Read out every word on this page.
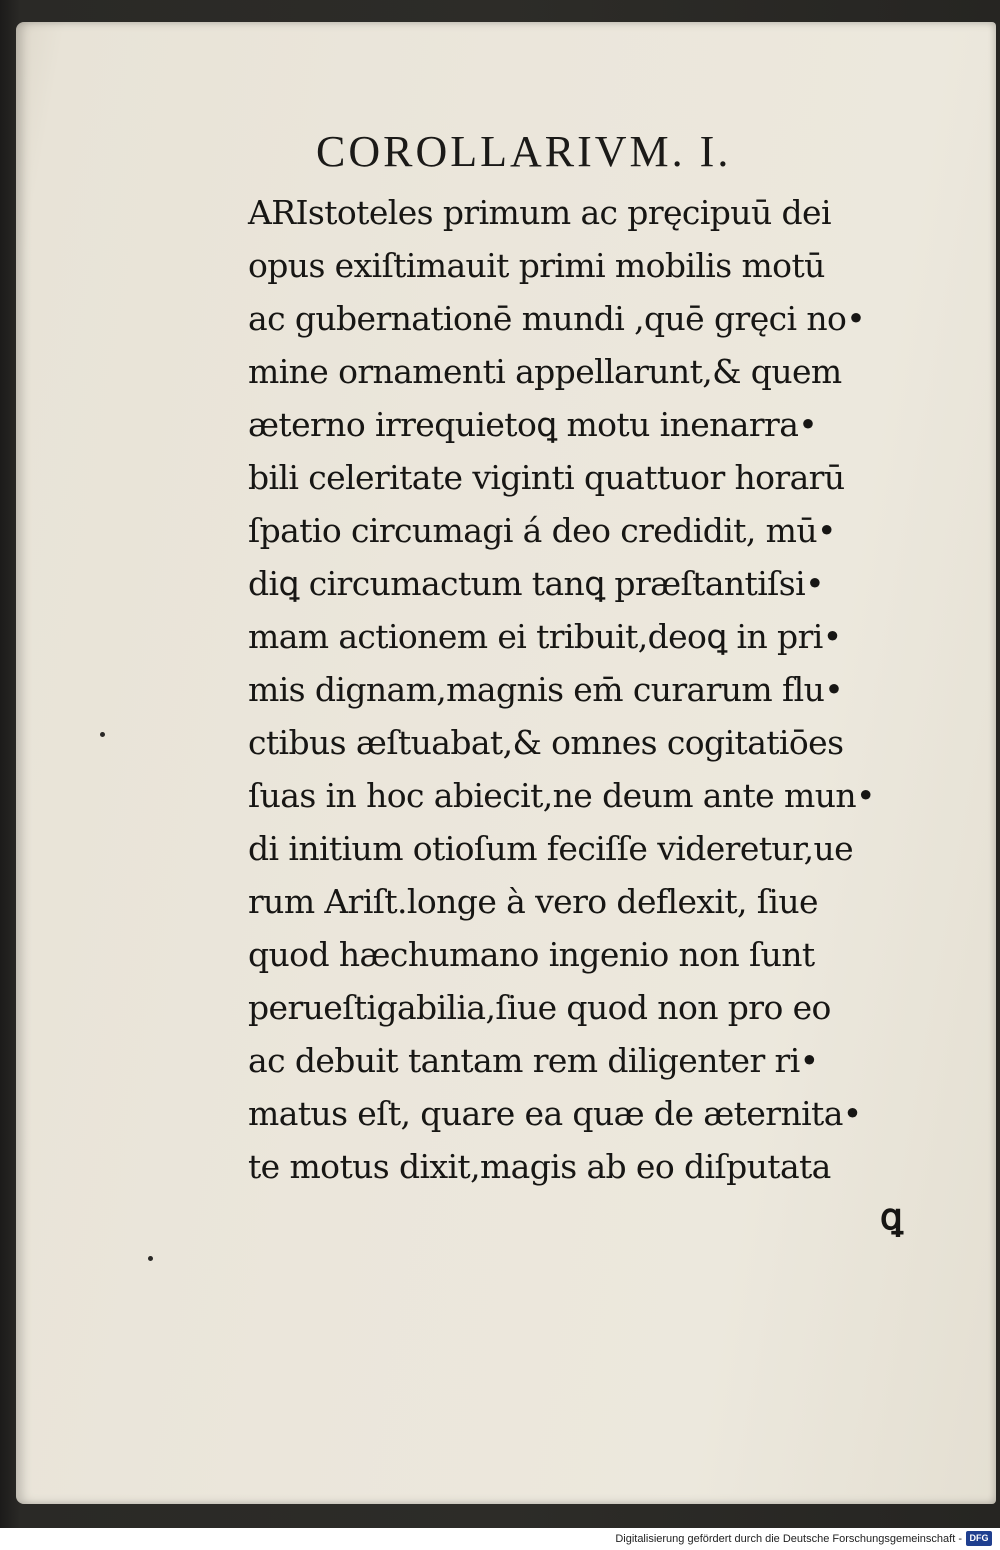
COROLLARIVM. I.
ARIstoteles primum ac pręcipuū dei
opus exiſtimauit primi mobilis motū
ac gubernationē mundi ,quē gręci no•
mine ornamenti appellarunt,& quem
æterno irrequietoꝗ motu inenarra•
bili celeritate viginti quattuor horarū
ſpatio circumagi á deo credidit, mū•
diꝗ circumactum tanꝗ præſtantiſsi•
mam actionem ei tribuit,deoꝗ in pri•
mis dignam,magnis em̄ curarum flu•
ctibus æſtuabat,& omnes cogitatiōes
ſuas in hoc abiecit,ne deum ante mun•
di initium otioſum feciſſe videretur,ue
rum Ariſt.longe à vero deflexit, ſiue
quod hæchumano ingenio non ſunt
perueſtigabilia,ſiue quod non pro eo
ac debuit tantam rem diligenter ri•
matus eſt, quare ea quæ de æternita•
te motus dixit,magis ab eo diſputata

ꝗ

Digitalisierung gefördert durch die Deutsche Forschungsgemeinschaft - DFG
